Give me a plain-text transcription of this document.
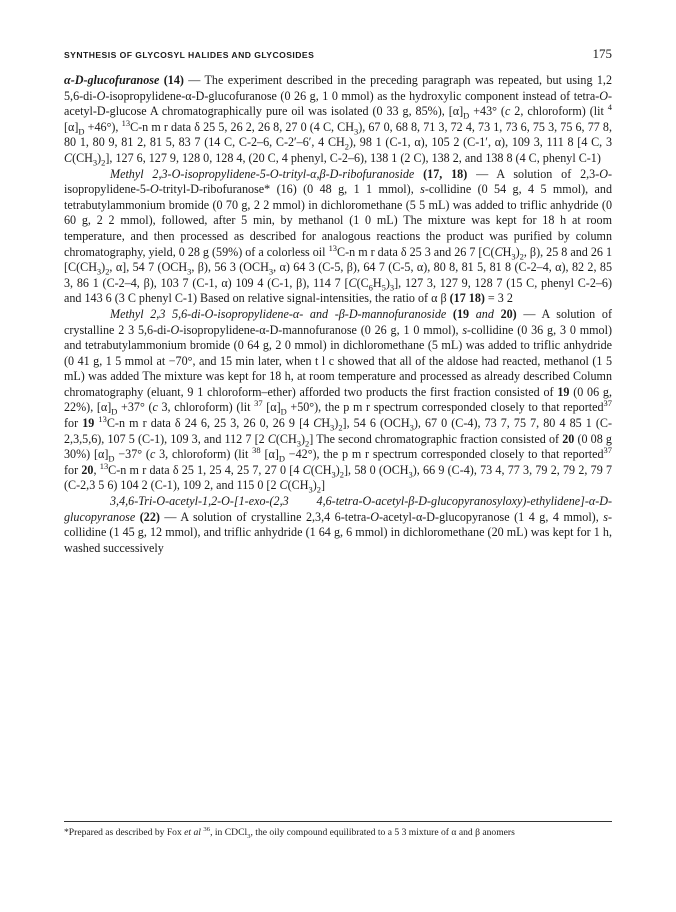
SYNTHESIS OF GLYCOSYL HALIDES AND GLYCOSIDES	175

α-D-glucofuranose (14) — The experiment described in the preceding paragraph was repeated, but using 1,2 5,6-di-O-isopropylidene-α-D-glucofuranose (0 26 g, 1 0 mmol) as the hydroxylic component instead of tetra-O-acetyl-D-glucose A chromatographically pure oil was isolated (0 33 g, 85%), $[\alpha]_D +43^\circ$ (c 2, chloroform) (lit $^4$ $[\alpha]_D +46^\circ$), $^{13}$C-n m r data δ 25 5, 26 2, 26 8, 27 0 (4 C, $CH_3$), 67 0, 68 8, 71 3, 72 4, 73 1, 73 6, 75 3, 75 6, 77 8, 80 1, 80 9, 81 2, 81 5, 83 7 (14 C, C-2–6, C-2′–6′, 4 $CH_2$), 98 1 (C-1, α), 105 2 (C-1′, α), 109 3, 111 8 [4 C, 3 $C(CH_3)_2$], 127 6, 127 9, 128 0, 128 4, (20 C, 4 phenyl, C-2–6), 138 1 (2 C), 138 2, and 138 8 (4 C, phenyl C-1)

Methyl 2,3-O-isopropylidene-5-O-trityl-α,β-D-ribofuranoside (17, 18) — A solution of 2,3-O-isopropylidene-5-O-trityl-D-ribofuranose* (16) (0 48 g, 1 1 mmol), s-collidine (0 54 g, 4 5 mmol), and tetrabutylammonium bromide (0 70 g, 2 2 mmol) in dichloromethane (5 5 mL) was added to triflic anhydride (0 60 g, 2 2 mmol), followed, after 5 min, by methanol (1 0 mL) The mixture was kept for 18 h at room temperature, and then processed as described for analogous reactions the product was purified by column chromatography, yield, 0 28 g (59%) of a colorless oil $^{13}$C-n m r data δ 25 3 and 26 7 [$C(CH_3)_2$, β), 25 8 and 26 1 [$C(CH_3)_2$, α], 54 7 ($OCH_3$, β), 56 3 ($OCH_3$, α) 64 3 (C-5, β), 64 7 (C-5, α), 80 8, 81 5, 81 8 (C-2–4, α), 82 2, 85 3, 86 1 (C-2–4, β), 103 7 (C-1, α) 109 4 (C-1, β), 114 7 $[C(C_6H_5)_3]$, 127 3, 127 9, 128 7 (15 C, phenyl C-2–6) and 143 6 (3 C phenyl C-1) Based on relative signal-intensities, the ratio of α β (17 18) = 3 2

Methyl 2,3 5,6-di-O-isopropylidene-α- and -β-D-mannofuranoside (19 and 20) — A solution of crystalline 2 3 5,6-di-O-isopropylidene-α-D-mannofuranose (0 26 g, 1 0 mmol), s-collidine (0 36 g, 3 0 mmol) and tetrabutylammonium bromide (0 64 g, 2 0 mmol) in dichloromethane (5 mL) was added to triflic anhydride (0 41 g, 1 5 mmol at −70°, and 15 min later, when t l c showed that all of the aldose had reacted, methanol (1 5 mL) was added The mixture was kept for 18 h, at room temperature and processed as already described Column chromatography (eluant, 9 1 chloroform–ether) afforded two products the first fraction consisted of 19 (0 06 g, 22%), $[\alpha]_D +37^\circ$ (c 3, chloroform) (lit $^{37}$ $[\alpha]_D +50^\circ$), the p m r spectrum corresponded closely to that reported$^{37}$ for 19 $^{13}$C-n m r data δ 24 6, 25 3, 26 0, 26 9 [4 $CH_3)_2$], 54 6 $(OCH_3)$, 67 0 (C-4), 73 7, 75 7, 80 4 85 1 (C-2,3,5,6), 107 5 (C-1), 109 3, and 112 7 [2 $C(CH_3)_2$] The second chromatographic fraction consisted of 20 (0 08 g 30%) $[\alpha]_D -37^\circ$ (c 3, chloroform) (lit $^{38}$ $[\alpha]_D -42^\circ$), the p m r spectrum corresponded closely to that reported$^{37}$ for 20, $^{13}$C-n m r data δ 25 1, 25 4, 25 7, 27 0 [4 $C(CH_3)_2$], 58 0 $(OCH_3)$, 66 9 (C-4), 73 4, 77 3, 79 2, 79 2, 79 7 (C-2,3 5 6) 104 2 (C-1), 109 2, and 115 0 [2 $C(CH_3)_2$]

3,4,6-Tri-O-acetyl-1,2-O-[1-exo-(2,3 4,6-tetra-O-acetyl-β-D-glucopyranosyloxy)-ethylidene]-α-D-glucopyranose (22) — A solution of crystalline 2,3,4 6-tetra-O-acetyl-α-D-glucopyranose (1 4 g, 4 mmol), s-collidine (1 45 g, 12 mmol), and triflic anhydride (1 64 g, 6 mmol) in dichloromethane (20 mL) was kept for 1 h, washed successively

*Prepared as described by Fox et al $^{36}$, in CDCl$_3$, the oily compound equilibrated to a 5 3 mixture of α and β anomers
